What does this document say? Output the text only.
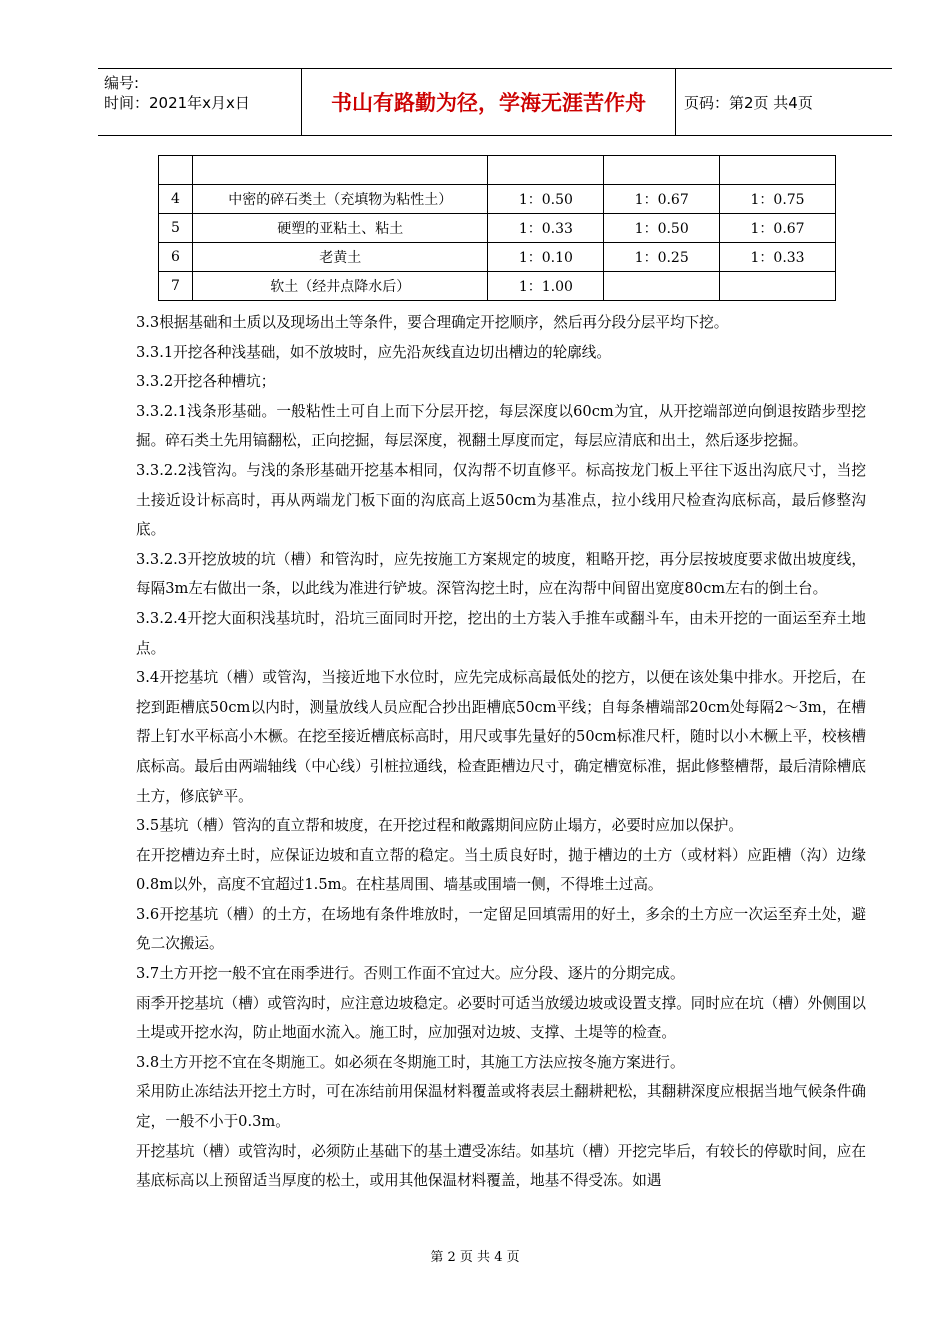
编号:
时间：2021年x月x日	书山有路勤为径，学海无涯苦作舟	页码：第2页 共4页

4	中密的碎石类土（充填物为粘性土）	1：0.50	1：0.67	1：0.75
5	硬塑的亚粘土、粘土	1：0.33	1：0.50	1：0.67
6	老黄土	1：0.10	1：0.25	1：0.33
7	软土（经井点降水后）	1：1.00		

3.3根据基础和土质以及现场出土等条件，要合理确定开挖顺序，然后再分段分层平均下挖。

3.3.1开挖各种浅基础，如不放坡时，应先沿灰线直边切出槽边的轮廓线。

3.3.2开挖各种槽坑；

3.3.2.1浅条形基础。一般粘性土可自上而下分层开挖，每层深度以60cm为宜，从开挖端部逆向倒退按踏步型挖掘。碎石类土先用镐翻松，正向挖掘，每层深度，视翻土厚度而定，每层应清底和出土，然后逐步挖掘。

3.3.2.2浅管沟。与浅的条形基础开挖基本相同，仅沟帮不切直修平。标高按龙门板上平往下返出沟底尺寸，当挖土接近设计标高时，再从两端龙门板下面的沟底高上返50cm为基准点，拉小线用尺检查沟底标高，最后修整沟底。

3.3.2.3开挖放坡的坑（槽）和管沟时，应先按施工方案规定的坡度，粗略开挖，再分层按坡度要求做出坡度线，每隔3m左右做出一条，以此线为准进行铲坡。深管沟挖土时，应在沟帮中间留出宽度80cm左右的倒土台。

3.3.2.4开挖大面积浅基坑时，沿坑三面同时开挖，挖出的土方装入手推车或翻斗车，由未开挖的一面运至弃土地点。

3.4开挖基坑（槽）或管沟，当接近地下水位时，应先完成标高最低处的挖方，以便在该处集中排水。开挖后，在挖到距槽底50cm以内时，测量放线人员应配合抄出距槽底50cm平线；自每条槽端部20cm处每隔2～3m，在槽帮上钉水平标高小木橛。在挖至接近槽底标高时，用尺或事先量好的50cm标准尺杆，随时以小木橛上平，校核槽底标高。最后由两端轴线（中心线）引桩拉通线，检查距槽边尺寸，确定槽宽标准，据此修整槽帮，最后清除槽底土方，修底铲平。

3.5基坑（槽）管沟的直立帮和坡度，在开挖过程和敞露期间应防止塌方，必要时应加以保护。

在开挖槽边弃土时，应保证边坡和直立帮的稳定。当土质良好时，抛于槽边的土方（或材料）应距槽（沟）边缘0.8m以外，高度不宜超过1.5m。在柱基周围、墙基或围墙一侧，不得堆土过高。

3.6开挖基坑（槽）的土方，在场地有条件堆放时，一定留足回填需用的好土，多余的土方应一次运至弃土处，避免二次搬运。

3.7土方开挖一般不宜在雨季进行。否则工作面不宜过大。应分段、逐片的分期完成。

雨季开挖基坑（槽）或管沟时，应注意边坡稳定。必要时可适当放缓边坡或设置支撑。同时应在坑（槽）外侧围以土堤或开挖水沟，防止地面水流入。施工时，应加强对边坡、支撑、土堤等的检查。

3.8土方开挖不宜在冬期施工。如必须在冬期施工时，其施工方法应按冬施方案进行。

采用防止冻结法开挖土方时，可在冻结前用保温材料覆盖或将表层土翻耕耙松，其翻耕深度应根据当地气候条件确定，一般不小于0.3m。

开挖基坑（槽）或管沟时，必须防止基础下的基土遭受冻结。如基坑（槽）开挖完毕后，有较长的停歇时间，应在基底标高以上预留适当厚度的松土，或用其他保温材料覆盖，地基不得受冻。如遇

第 2 页 共 4 页
